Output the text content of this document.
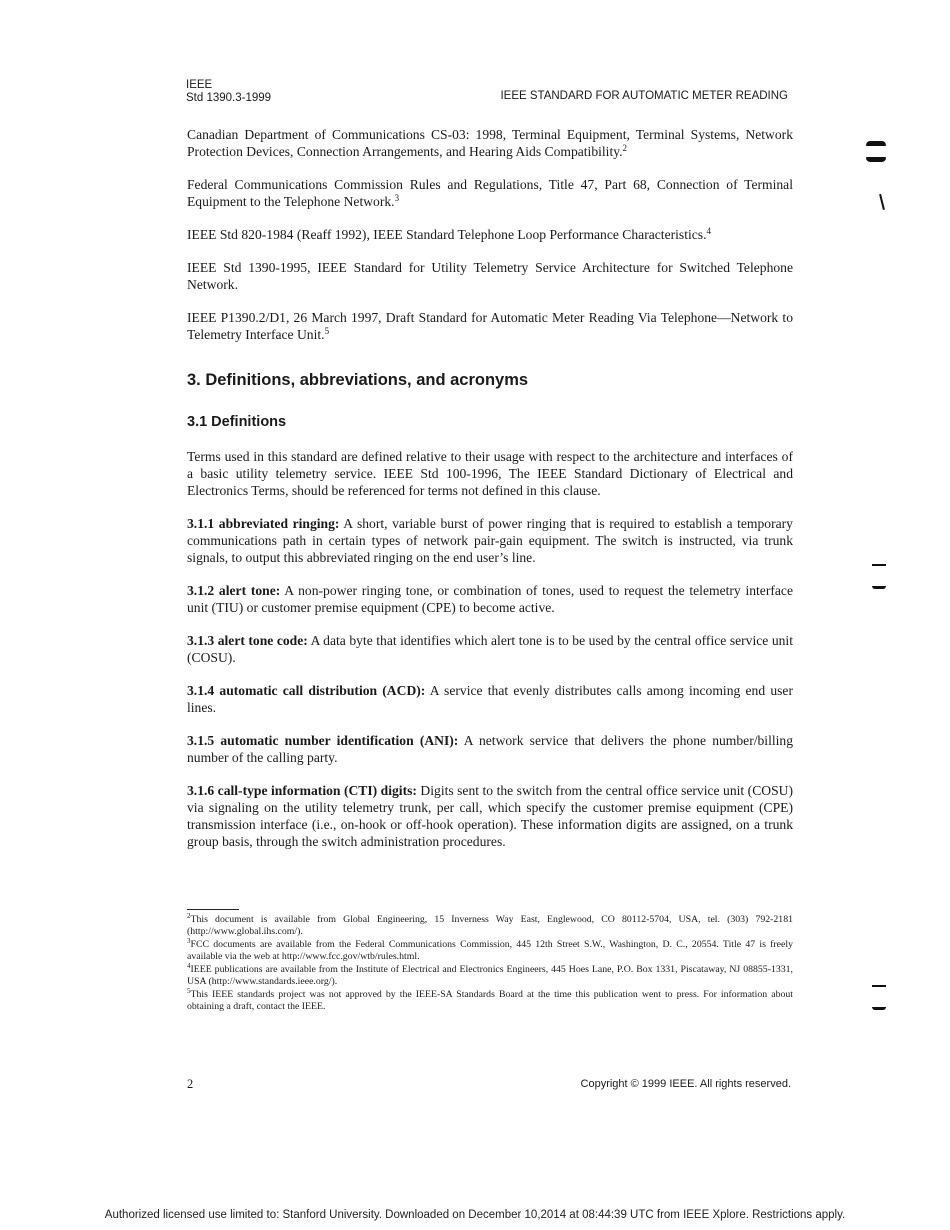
IEEE
Std 1390.3-1999	IEEE STANDARD FOR AUTOMATIC METER READING

Canadian Department of Communications CS-03: 1998, Terminal Equipment, Terminal Systems, Network Protection Devices, Connection Arrangements, and Hearing Aids Compatibility.$^2$

Federal Communications Commission Rules and Regulations, Title 47, Part 68, Connection of Terminal Equipment to the Telephone Network.$^3$

IEEE Std 820-1984 (Reaff 1992), IEEE Standard Telephone Loop Performance Characteristics.$^4$

IEEE Std 1390-1995, IEEE Standard for Utility Telemetry Service Architecture for Switched Telephone Network.

IEEE P1390.2/D1, 26 March 1997, Draft Standard for Automatic Meter Reading Via Telephone—Network to Telemetry Interface Unit.$^5$

3. Definitions, abbreviations, and acronyms
3.1 Definitions

Terms used in this standard are defined relative to their usage with respect to the architecture and interfaces of a basic utility telemetry service. IEEE Std 100-1996, The IEEE Standard Dictionary of Electrical and Electronics Terms, should be referenced for terms not defined in this clause.

3.1.1 abbreviated ringing: A short, variable burst of power ringing that is required to establish a temporary communications path in certain types of network pair-gain equipment. The switch is instructed, via trunk signals, to output this abbreviated ringing on the end user’s line.

3.1.2 alert tone: A non-power ringing tone, or combination of tones, used to request the telemetry interface unit (TIU) or customer premise equipment (CPE) to become active.

3.1.3 alert tone code: A data byte that identifies which alert tone is to be used by the central office service unit (COSU).

3.1.4 automatic call distribution (ACD): A service that evenly distributes calls among incoming end user lines.

3.1.5 automatic number identification (ANI): A network service that delivers the phone number/billing number of the calling party.

3.1.6 call-type information (CTI) digits: Digits sent to the switch from the central office service unit (COSU) via signaling on the utility telemetry trunk, per call, which specify the customer premise equipment (CPE) transmission interface (i.e., on-hook or off-hook operation). These information digits are assigned, on a trunk group basis, through the switch administration procedures.

$^2$This document is available from Global Engineering, 15 Inverness Way East, Englewood, CO 80112-5704, USA, tel. (303) 792-2181 (http://www.global.ihs.com/).

$^3$FCC documents are available from the Federal Communications Commission, 445 12th Street S.W., Washington, D. C., 20554. Title 47 is freely available via the web at http://www.fcc.gov/wtb/rules.html.

$^4$IEEE publications are available from the Institute of Electrical and Electronics Engineers, 445 Hoes Lane, P.O. Box 1331, Piscataway, NJ 08855-1331, USA (http://www.standards.ieee.org/).

$^5$This IEEE standards project was not approved by the IEEE-SA Standards Board at the time this publication went to press. For information about obtaining a draft, contact the IEEE.

2	Copyright © 1999 IEEE. All rights reserved.
Authorized licensed use limited to: Stanford University. Downloaded on December 10,2014 at 08:44:39 UTC from IEEE Xplore. Restrictions apply.
